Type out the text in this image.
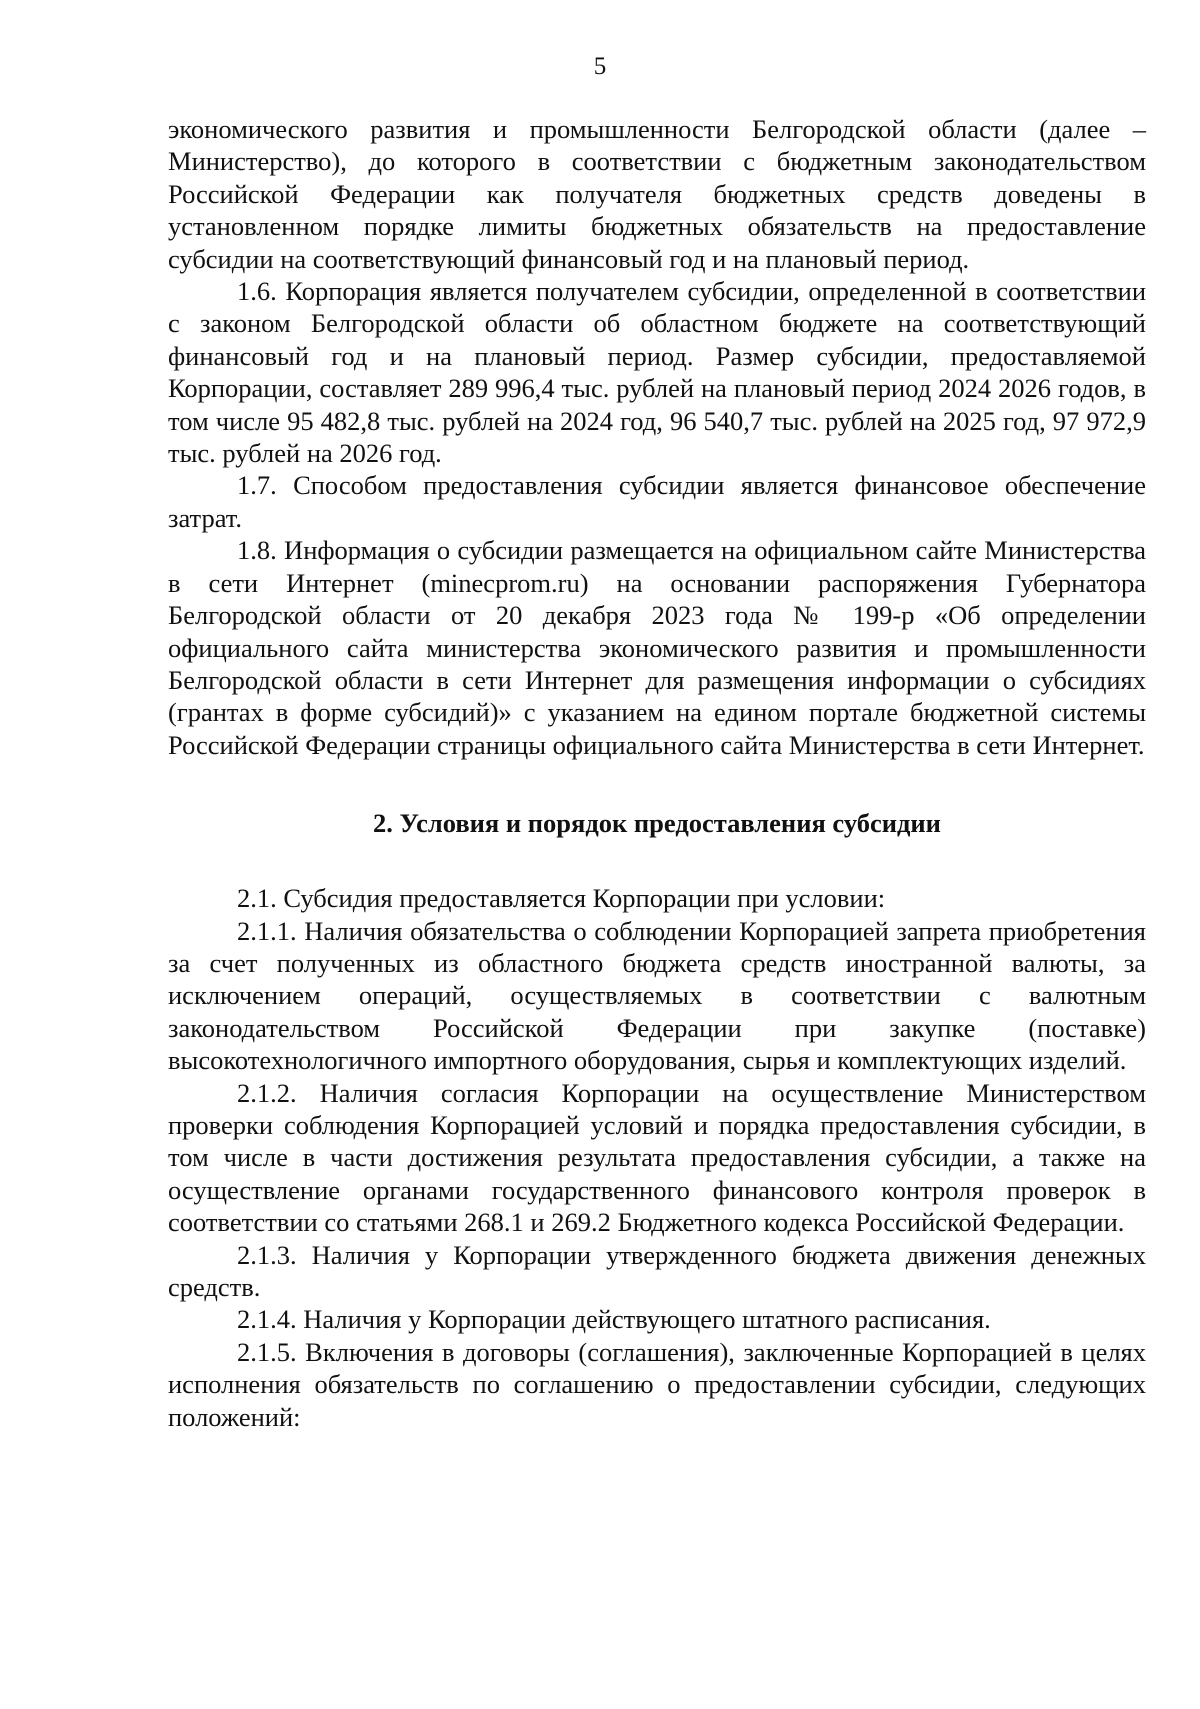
5

экономического развития и промышленности Белгородской области (далее – Министерство), до которого в соответствии с бюджетным законодательством Российской Федерации как получателя бюджетных средств доведены в установленном порядке лимиты бюджетных обязательств на предоставление субсидии на соответствующий финансовый год и на плановый период.

1.6. Корпорация является получателем субсидии, определенной в соответствии с законом Белгородской области об областном бюджете на соответствующий финансовый год и на плановый период. Размер субсидии, предоставляемой Корпорации, составляет 289 996,4 тыс. рублей на плановый период 2024 2026 годов, в том числе 95 482,8 тыс. рублей на 2024 год, 96 540,7 тыс. рублей на 2025 год, 97 972,9 тыс. рублей на 2026 год.

1.7. Способом предоставления субсидии является финансовое обеспечение затрат.

1.8. Информация о субсидии размещается на официальном сайте Министерства в сети Интернет (minecprom.ru) на основании распоряжения Губернатора Белгородской области от 20 декабря 2023 года № 199-р «Об определении официального сайта министерства экономического развития и промышленности Белгородской области в сети Интернет для размещения информации о субсидиях (грантах в форме субсидий)» с указанием на едином портале бюджетной системы Российской Федерации страницы официального сайта Министерства в сети Интернет.

2. Условия и порядок предоставления субсидии

2.1. Субсидия предоставляется Корпорации при условии:

2.1.1. Наличия обязательства о соблюдении Корпорацией запрета приобретения за счет полученных из областного бюджета средств иностранной валюты, за исключением операций, осуществляемых в соответствии с валютным законодательством Российской Федерации при закупке (поставке) высокотехнологичного импортного оборудования, сырья и комплектующих изделий.

2.1.2. Наличия согласия Корпорации на осуществление Министерством проверки соблюдения Корпорацией условий и порядка предоставления субсидии, в том числе в части достижения результата предоставления субсидии, а также на осуществление органами государственного финансового контроля проверок в соответствии со статьями 268.1 и 269.2 Бюджетного кодекса Российской Федерации.

2.1.3. Наличия у Корпорации утвержденного бюджета движения денежных средств.

2.1.4. Наличия у Корпорации действующего штатного расписания.

2.1.5. Включения в договоры (соглашения), заключенные Корпорацией в целях исполнения обязательств по соглашению о предоставлении субсидии, следующих положений:
